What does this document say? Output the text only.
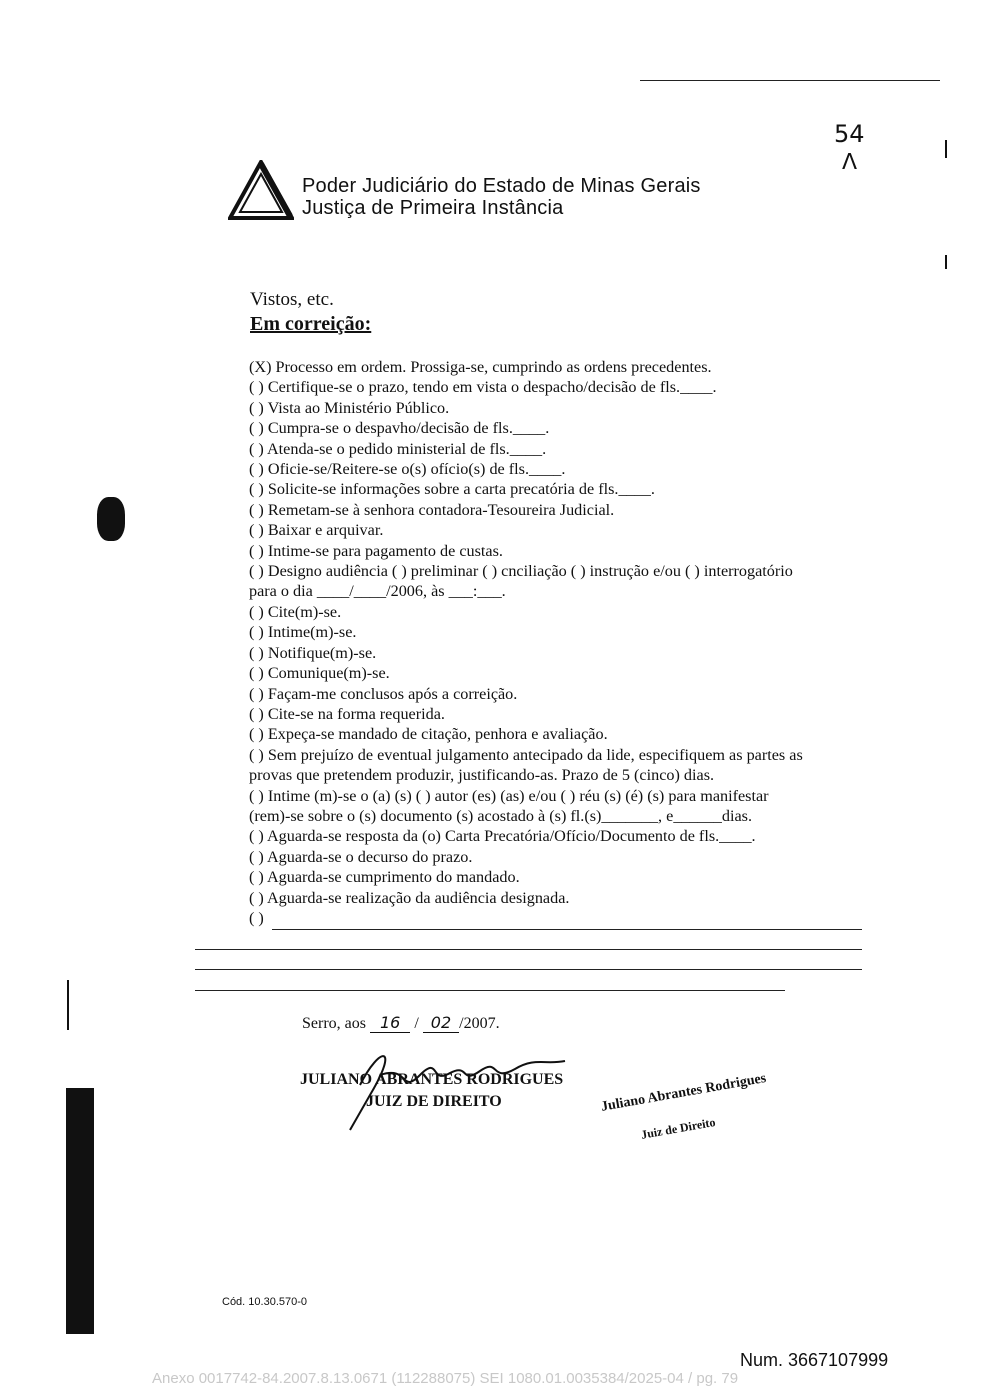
54
ᐱ
Poder Judiciário do Estado de Minas Gerais
Justiça de Primeira Instância
Vistos, etc.
Em correição:
(X) Processo em ordem. Prossiga-se, cumprindo as ordens precedentes.
( ) Certifique-se o prazo, tendo em vista o despacho/decisão de fls.____.
( ) Vista ao Ministério Público.
( ) Cumpra-se o despavho/decisão de fls.____.
( ) Atenda-se o pedido ministerial de fls.____.
( ) Oficie-se/Reitere-se o(s) ofício(s) de fls.____.
( ) Solicite-se informações sobre a carta precatória de fls.____.
( ) Remetam-se à senhora contadora-Tesoureira Judicial.
( ) Baixar e arquivar.
( ) Intime-se para pagamento de custas.
( ) Designo audiência ( ) preliminar ( ) cnciliação ( ) instrução e/ou ( ) interrogatório
para o dia ____/____/2006, às ___:___.
( ) Cite(m)-se.
( ) Intime(m)-se.
( ) Notifique(m)-se.
( ) Comunique(m)-se.
( ) Façam-me conclusos após a correição.
( ) Cite-se na forma requerida.
( ) Expeça-se mandado de citação, penhora e avaliação.
( ) Sem prejuízo de eventual julgamento antecipado da lide, especifiquem as partes as
provas que pretendem produzir, justificando-as. Prazo de 5 (cinco) dias.
( ) Intime (m)-se o (a) (s) ( ) autor (es) (as) e/ou ( ) réu (s) (é) (s) para manifestar
(rem)-se sobre o (s) documento (s) acostado à (s) fl.(s)_______, e______dias.
( ) Aguarda-se resposta da (o) Carta Precatória/Ofício/Documento de fls.____.
( ) Aguarda-se o decurso do prazo.
( ) Aguarda-se cumprimento do mandado.
( ) Aguarda-se realização da audiência designada.
( )
Serro, aos 16 / 02 /2007.
JULIANO ABRANTES RODRIGUES
JUIZ DE DIREITO	Juliano Abrantes Rodrigues
Juiz de Direito
Cód. 10.30.570-0
Num. 3667107999
Anexo 0017742-84.2007.8.13.0671 (112288075) SEI 1080.01.0035384/2025-04 / pg. 79
